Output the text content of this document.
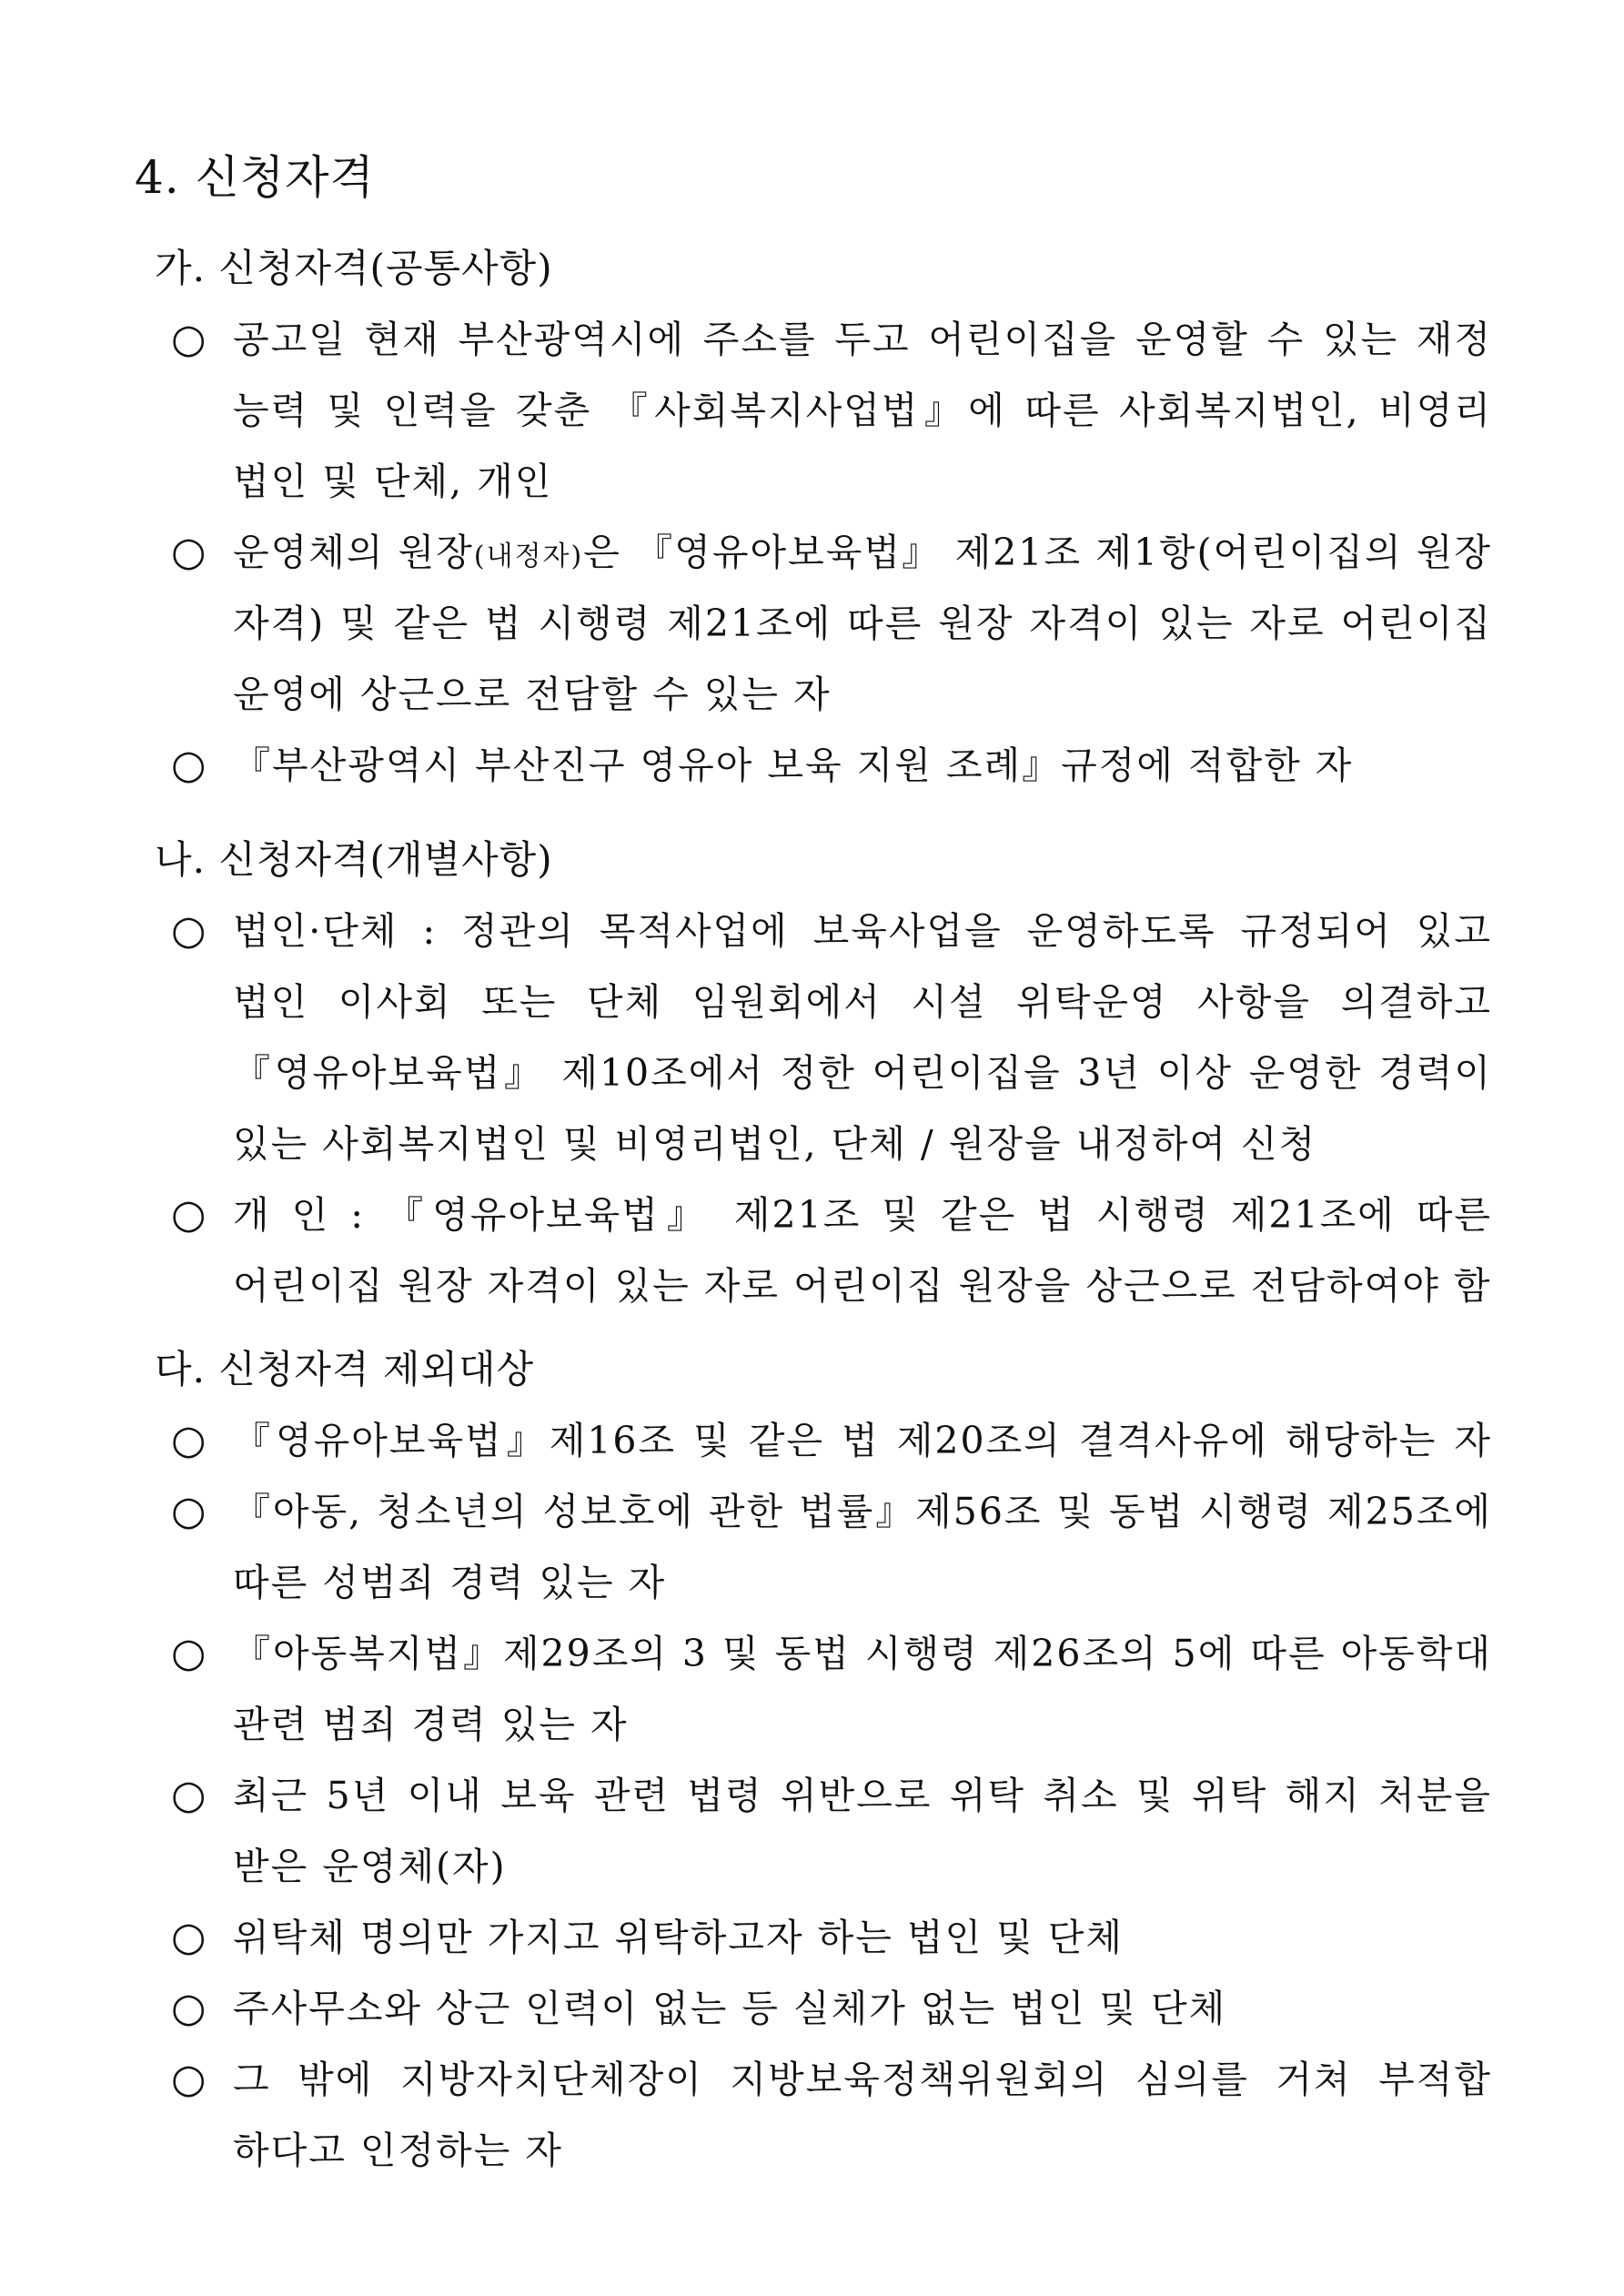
4. 신청자격
가. 신청자격(공통사항)
○ 공고일 현재 부산광역시에 주소를 두고 어린이집을 운영할 수 있는 재정
능력 및 인력을 갖춘 『사회복지사업법』에 따른 사회복지법인, 비영리
법인 및 단체, 개인
○ 운영체의 원장(내정자)은 『영유아보육법』 제21조 제1항(어린이집의 원장
자격) 및 같은 법 시행령 제21조에 따른 원장 자격이 있는 자로 어린이집
운영에 상근으로 전담할 수 있는 자
○ 『부산광역시 부산진구 영유아 보육 지원 조례』규정에 적합한 자
나. 신청자격(개별사항)
○ 법인·단체 : 정관의 목적사업에 보육사업을 운영하도록 규정되어 있고
법인 이사회 또는 단체 임원회에서 시설 위탁운영 사항을 의결하고
『영유아보육법』 제10조에서 정한 어린이집을 3년 이상 운영한 경력이
있는 사회복지법인 및 비영리법인, 단체 / 원장을 내정하여 신청
○ 개 인 : 『영유아보육법』 제21조 및 같은 법 시행령 제21조에 따른
어린이집 원장 자격이 있는 자로 어린이집 원장을 상근으로 전담하여야 함
다. 신청자격 제외대상
○ 『영유아보육법』제16조 및 같은 법 제20조의 결격사유에 해당하는 자
○ 『아동, 청소년의 성보호에 관한 법률』제56조 및 동법 시행령 제25조에
따른 성범죄 경력 있는 자
○ 『아동복지법』제29조의 3 및 동법 시행령 제26조의 5에 따른 아동학대
관련 범죄 경력 있는 자
○ 최근 5년 이내 보육 관련 법령 위반으로 위탁 취소 및 위탁 해지 처분을
받은 운영체(자)
○ 위탁체 명의만 가지고 위탁하고자 하는 법인 및 단체
○ 주사무소와 상근 인력이 없는 등 실체가 없는 법인 및 단체
○ 그 밖에 지방자치단체장이 지방보육정책위원회의 심의를 거쳐 부적합
하다고 인정하는 자
